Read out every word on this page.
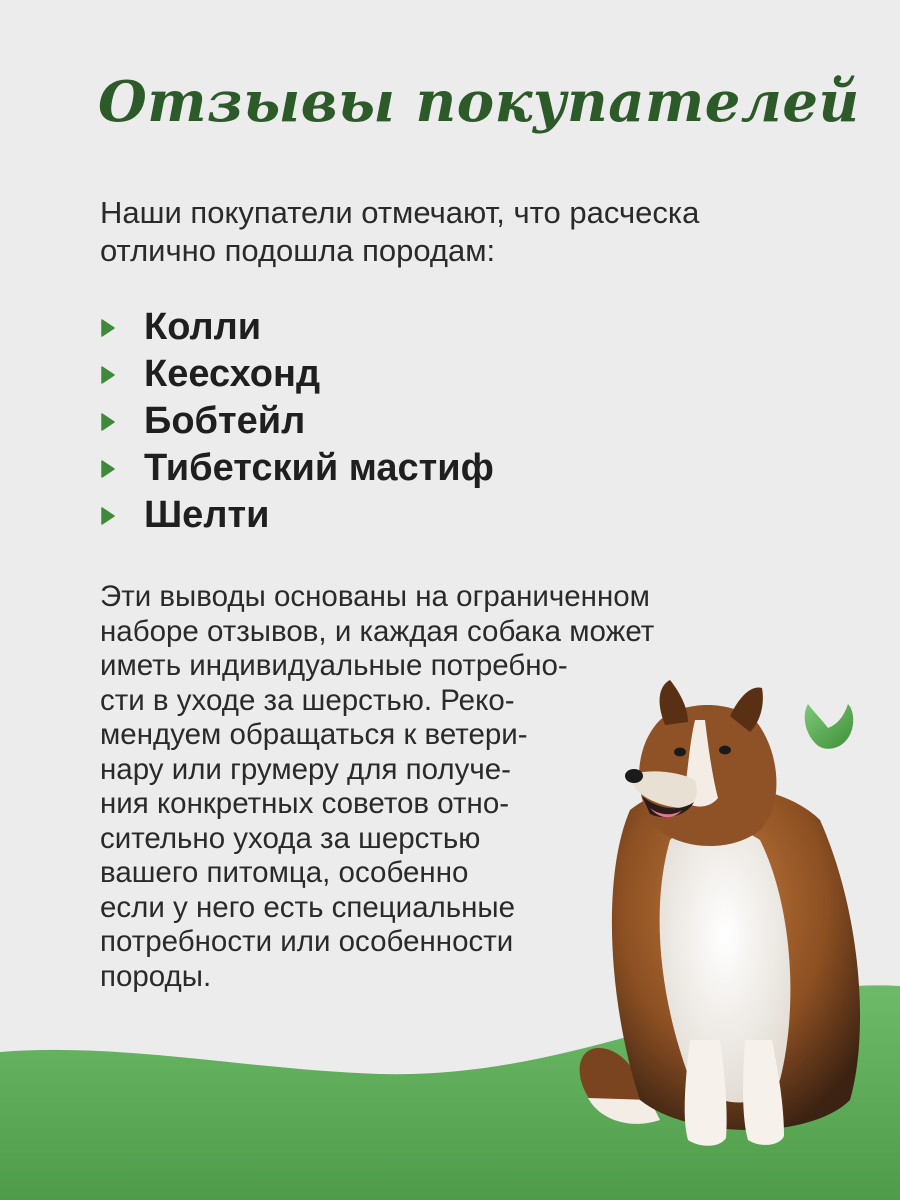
Отзывы покупателей

Наши покупатели отмечают, что расческа отлично подошла породам:

Колли
Кеесхонд
Бобтейл
Тибетский мастиф
Шелти

Эти выводы основаны на ограниченном
наборе отзывов, и каждая собака может
иметь индивидуальные потребно-
сти в уходе за шерстью. Реко-
мендуем обращаться к ветери-
нару или грумеру для получе-
ния конкретных советов отно-
сительно ухода за шерстью
вашего питомца, особенно
если у него есть специальные
потребности или особенности
породы.
